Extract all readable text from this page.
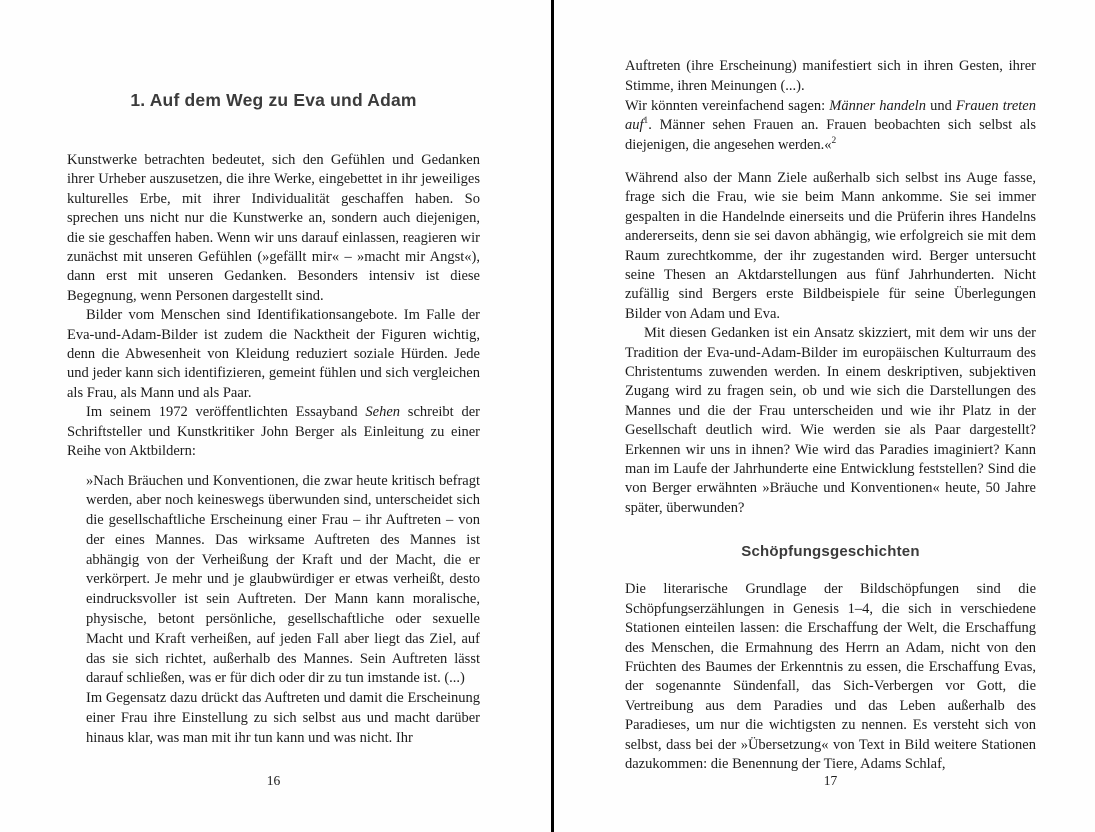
1. Auf dem Weg zu Eva und Adam

Kunstwerke betrachten bedeutet, sich den Gefühlen und Gedanken ihrer Urheber auszusetzen, die ihre Werke, eingebettet in ihr jeweiliges kulturelles Erbe, mit ihrer Individualität geschaffen haben. So sprechen uns nicht nur die Kunstwerke an, sondern auch diejenigen, die sie geschaffen haben. Wenn wir uns darauf einlassen, reagieren wir zunächst mit unseren Gefühlen (»gefällt mir« – »macht mir Angst«), dann erst mit unseren Gedanken. Besonders intensiv ist diese Begegnung, wenn Personen dargestellt sind.

Bilder vom Menschen sind Identifikationsangebote. Im Falle der Eva-und-Adam-Bilder ist zudem die Nacktheit der Figuren wichtig, denn die Abwesenheit von Kleidung reduziert soziale Hürden. Jede und jeder kann sich identifizieren, gemeint fühlen und sich vergleichen als Frau, als Mann und als Paar.

Im seinem 1972 veröffentlichten Essayband Sehen schreibt der Schriftsteller und Kunstkritiker John Berger als Einleitung zu einer Reihe von Aktbildern:

»Nach Bräuchen und Konventionen, die zwar heute kritisch befragt werden, aber noch keineswegs überwunden sind, unterscheidet sich die gesellschaftliche Erscheinung einer Frau – ihr Auftreten – von der eines Mannes. Das wirksame Auftreten des Mannes ist abhängig von der Verheißung der Kraft und der Macht, die er verkörpert. Je mehr und je glaubwürdiger er etwas verheißt, desto eindrucksvoller ist sein Auftreten. Der Mann kann moralische, physische, betont persönliche, gesellschaftliche oder sexuelle Macht und Kraft verheißen, auf jeden Fall aber liegt das Ziel, auf das sie sich richtet, außerhalb des Mannes. Sein Auftreten lässt darauf schließen, was er für dich oder dir zu tun imstande ist. (...)

Im Gegensatz dazu drückt das Auftreten und damit die Erscheinung einer Frau ihre Einstellung zu sich selbst aus und macht darüber hinaus klar, was man mit ihr tun kann und was nicht. Ihr

16

Auftreten (ihre Erscheinung) manifestiert sich in ihren Gesten, ihrer Stimme, ihren Meinungen (...).

Wir könnten vereinfachend sagen: Männer handeln und Frauen treten auf$^1$. Männer sehen Frauen an. Frauen beobachten sich selbst als diejenigen, die angesehen werden.«$^2$

Während also der Mann Ziele außerhalb sich selbst ins Auge fasse, frage sich die Frau, wie sie beim Mann ankomme. Sie sei immer gespalten in die Handelnde einerseits und die Prüferin ihres Handelns andererseits, denn sie sei davon abhängig, wie erfolgreich sie mit dem Raum zurechtkomme, der ihr zugestanden wird. Berger untersucht seine Thesen an Aktdarstellungen aus fünf Jahrhunderten. Nicht zufällig sind Bergers erste Bildbeispiele für seine Überlegungen Bilder von Adam und Eva.

Mit diesen Gedanken ist ein Ansatz skizziert, mit dem wir uns der Tradition der Eva-und-Adam-Bilder im europäischen Kulturraum des Christentums zuwenden werden. In einem deskriptiven, subjektiven Zugang wird zu fragen sein, ob und wie sich die Darstellungen des Mannes und die der Frau unterscheiden und wie ihr Platz in der Gesellschaft deutlich wird. Wie werden sie als Paar dargestellt? Erkennen wir uns in ihnen? Wie wird das Paradies imaginiert? Kann man im Laufe der Jahrhunderte eine Entwicklung feststellen? Sind die von Berger erwähnten »Bräuche und Konventionen« heute, 50 Jahre später, überwunden?

Schöpfungsgeschichten

Die literarische Grundlage der Bildschöpfungen sind die Schöpfungserzählungen in Genesis 1–4, die sich in verschiedene Stationen einteilen lassen: die Erschaffung der Welt, die Erschaffung des Menschen, die Ermahnung des Herrn an Adam, nicht von den Früchten des Baumes der Erkenntnis zu essen, die Erschaffung Evas, der sogenannte Sündenfall, das Sich-Verbergen vor Gott, die Vertreibung aus dem Paradies und das Leben außerhalb des Paradieses, um nur die wichtigsten zu nennen. Es versteht sich von selbst, dass bei der »Übersetzung« von Text in Bild weitere Stationen dazukommen: die Benennung der Tiere, Adams Schlaf,

17
